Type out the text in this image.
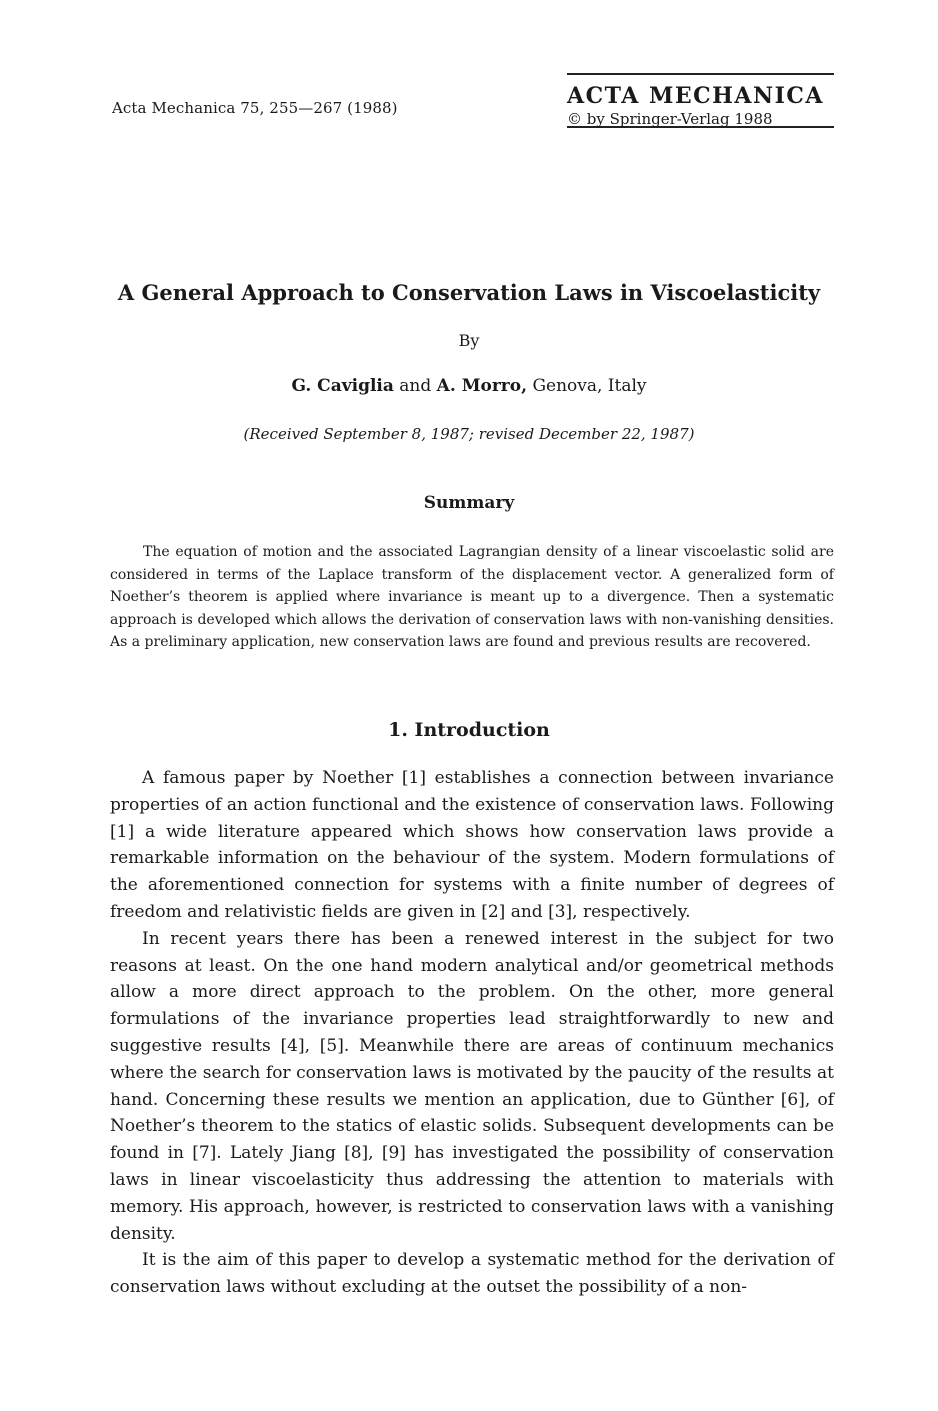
Acta Mechanica 75, 255—267 (1988)	ACTA MECHANICA
© by Springer-Verlag 1988
A General Approach to Conservation Laws in Viscoelasticity
By
G. Caviglia and A. Morro, Genova, Italy
(Received September 8, 1987; revised December 22, 1987)
Summary
The equation of motion and the associated Lagrangian density of a linear viscoelastic solid are considered in terms of the Laplace transform of the displacement vector. A generalized form of Noether’s theorem is applied where invariance is meant up to a divergence. Then a systematic approach is developed which allows the derivation of conservation laws with non-vanishing densities. As a preliminary application, new conservation laws are found and previous results are recovered.
1. Introduction

A famous paper by Noether [1] establishes a connection between invariance properties of an action functional and the existence of conservation laws. Following [1] a wide literature appeared which shows how conservation laws provide a remarkable information on the behaviour of the system. Modern formulations of the aforementioned connection for systems with a finite number of degrees of freedom and relativistic fields are given in [2] and [3], respectively.

In recent years there has been a renewed interest in the subject for two reasons at least. On the one hand modern analytical and/or geometrical methods allow a more direct approach to the problem. On the other, more general formulations of the invariance properties lead straightforwardly to new and suggestive results [4], [5]. Meanwhile there are areas of continuum mechanics where the search for conservation laws is motivated by the paucity of the results at hand. Concerning these results we mention an application, due to Günther [6], of Noether’s theorem to the statics of elastic solids. Subsequent developments can be found in [7]. Lately Jiang [8], [9] has investigated the possibility of conservation laws in linear viscoelasticity thus addressing the attention to materials with memory. His approach, however, is restricted to conservation laws with a vanishing density.

It is the aim of this paper to develop a systematic method for the derivation of conservation laws without excluding at the outset the possibility of a non-
